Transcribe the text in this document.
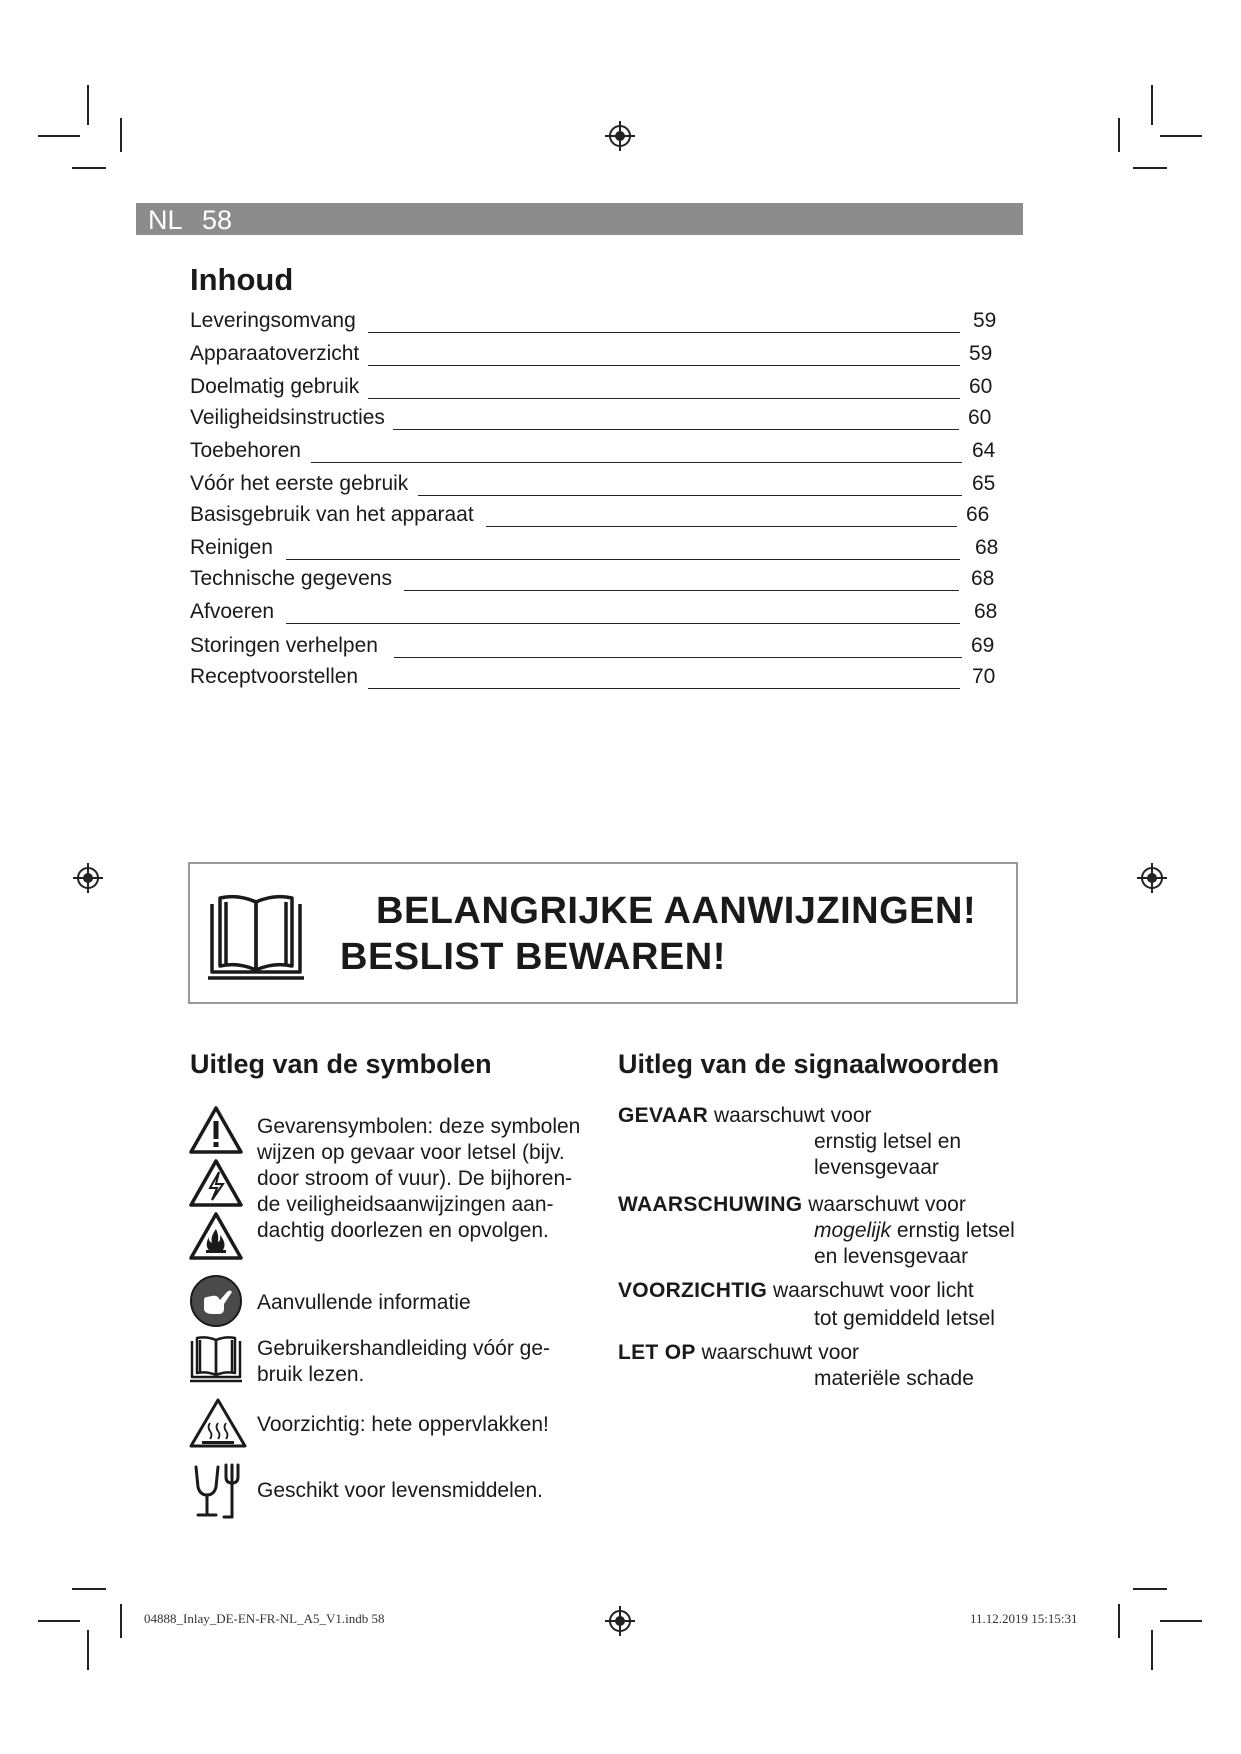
NL 58
Inhoud
Leveringsomvang	59
Apparaatoverzicht	59
Doelmatig gebruik	60
Veiligheidsinstructies	60
Toebehoren	64
Vóór het eerste gebruik	65
Basisgebruik van het apparaat	66
Reinigen	68
Technische gegevens	68
Afvoeren	68
Storingen verhelpen	69
Receptvoorstellen	70
BELANGRIJKE AANWIJZINGEN!
BESLIST BEWAREN!
Uitleg van de symbolen
Gevarensymbolen: deze symbolen
wijzen op gevaar voor letsel (bijv.
door stroom of vuur). De bijhoren-
de veiligheidsaanwijzingen aan-
dachtig doorlezen en opvolgen.
Aanvullende informatie
Gebruikershandleiding vóór ge-
bruik lezen.
Voorzichtig: hete oppervlakken!
Geschikt voor levensmiddelen.
Uitleg van de signaalwoorden
GEVAAR waarschuwt voor
ernstig letsel en
levensgevaar
WAARSCHUWING waarschuwt voor
mogelijk ernstig letsel
en levensgevaar
VOORZICHTIG waarschuwt voor licht
tot gemiddeld letsel
LET OP waarschuwt voor
materiële schade
04888_Inlay_DE-EN-FR-NL_A5_V1.indb 58	11.12.2019 15:15:31
